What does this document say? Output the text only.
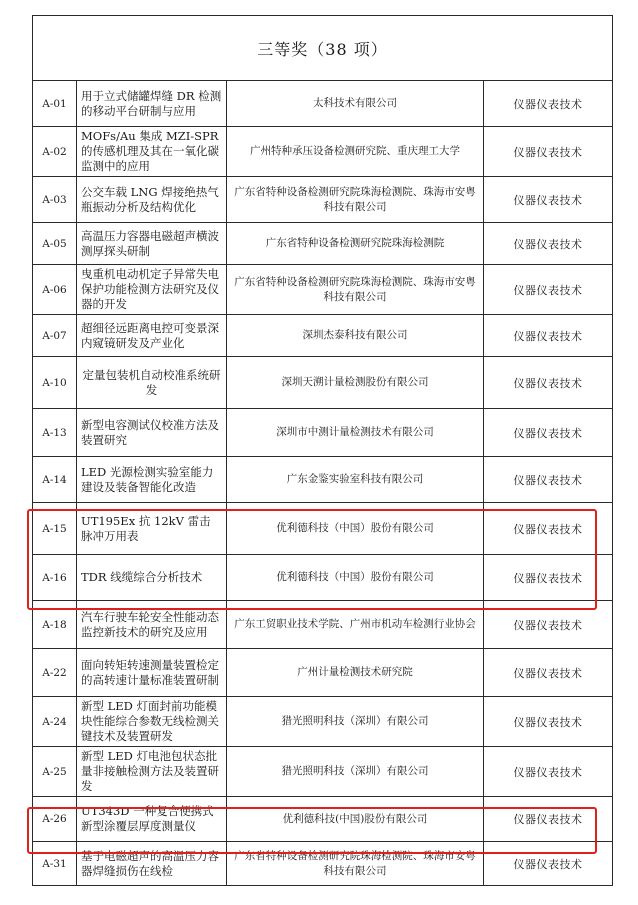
三等奖（38 项）			
A-01	用于立式储罐焊缝 DR 检测的移动平台研制与应用	太科技术有限公司	仪器仪表技术
A-02	MOFs/Au 集成 MZI-SPR 的传感机理及其在一氧化碳监测中的应用	广州特种承压设备检测研究院、重庆理工大学	仪器仪表技术
A-03	公交车载 LNG 焊接绝热气瓶振动分析及结构优化	广东省特种设备检测研究院珠海检测院、珠海市安粤科技有限公司	仪器仪表技术
A-05	高温压力容器电磁超声横波测厚探头研制	广东省特种设备检测研究院珠海检测院	仪器仪表技术
A-06	曳重机电动机定子异常失电保护功能检测方法研究及仪器的开发	广东省特种设备检测研究院珠海检测院、珠海市安粤科技有限公司	仪器仪表技术
A-07	超细径远距离电控可变景深内窥镜研发及产业化	深圳杰泰科技有限公司	仪器仪表技术
A-10	定量包装机自动校准系统研发	深圳天溯计量检测股份有限公司	仪器仪表技术
A-13	新型电容测试仪校准方法及装置研究	深圳市中测计量检测技术有限公司	仪器仪表技术
A-14	LED 光源检测实验室能力建设及装备智能化改造	广东金鉴实验室科技有限公司	仪器仪表技术
A-15	UT195Ex 抗 12kV 雷击脉冲万用表	优利德科技（中国）股份有限公司	仪器仪表技术
A-16	TDR 线缆综合分析技术	优利德科技（中国）股份有限公司	仪器仪表技术
A-18	汽车行驶车轮安全性能动态监控新技术的研究及应用	广东工贸职业技术学院、广州市机动车检测行业协会	仪器仪表技术
A-22	面向转矩转速测量装置检定的高转速计量标准装置研制	广州计量检测技术研究院	仪器仪表技术
A-24	新型 LED 灯面封前功能模块性能综合参数无线检测关键技术及装置研发	猎光照明科技（深圳）有限公司	仪器仪表技术
A-25	新型 LED 灯电池包状态批量非接触检测方法及装置研发	猎光照明科技（深圳）有限公司	仪器仪表技术
A-26	UT343D 一种复合便携式新型涂覆层厚度测量仪	优利德科技(中国)股份有限公司	仪器仪表技术
A-31	基于电磁超声的高温压力容器焊缝损伤在线检	广东省特种设备检测研究院珠海检测院、珠海市安粤科技有限公司	仪器仪表技术
